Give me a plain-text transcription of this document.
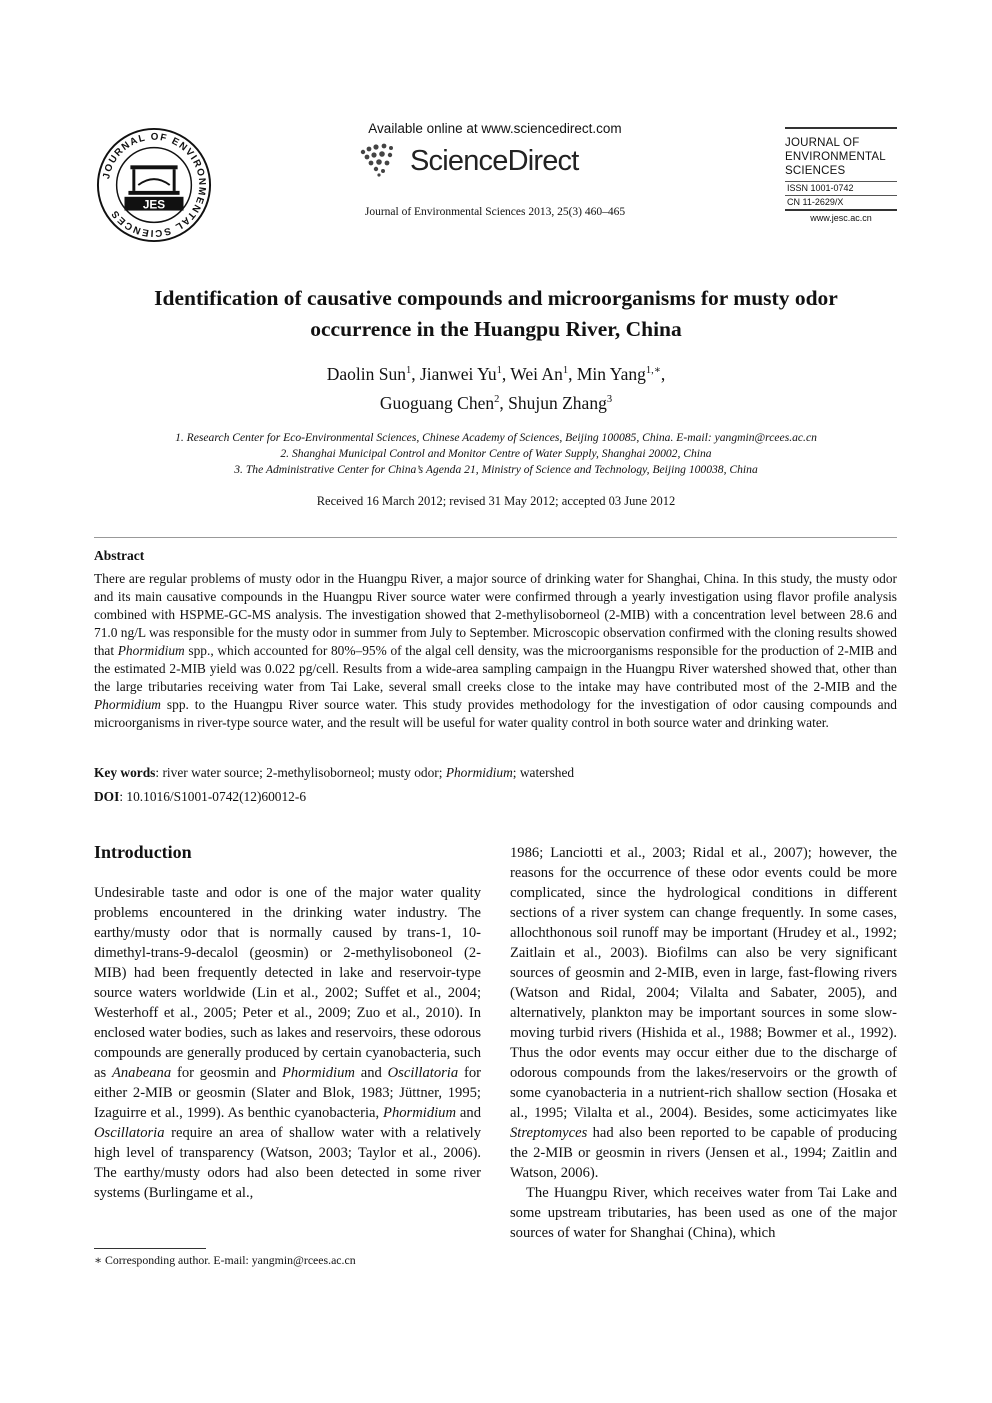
JOURNAL OF ENVIRONMENTAL SCIENCES
JES
Available online at www.sciencedirect.com
ScienceDirect
Journal of Environmental Sciences 2013, 25(3) 460–465
JOURNAL OF
ENVIRONMENTAL
SCIENCES
ISSN 1001-0742
CN 11-2629/X
www.jesc.ac.cn
Identification of causative compounds and microorganisms for musty odor
occurrence in the Huangpu River, China
Daolin Sun$^1$, Jianwei Yu$^1$, Wei An$^1$, Min Yang$^{1,∗}$,
Guoguang Chen$^2$, Shujun Zhang$^3$
1. Research Center for Eco-Environmental Sciences, Chinese Academy of Sciences, Beijing 100085, China. E-mail: yangmin@rcees.ac.cn
2. Shanghai Municipal Control and Monitor Centre of Water Supply, Shanghai 20002, China
3. The Administrative Center for China’s Agenda 21, Ministry of Science and Technology, Beijing 100038, China
Received 16 March 2012; revised 31 May 2012; accepted 03 June 2012
Abstract
There are regular problems of musty odor in the Huangpu River, a major source of drinking water for Shanghai, China. In this study, the musty odor and its main causative compounds in the Huangpu River source water were confirmed through a yearly investigation using flavor profile analysis combined with HSPME-GC-MS analysis. The investigation showed that 2-methylisoborneol (2-MIB) with a concentration level between 28.6 and 71.0 ng/L was responsible for the musty odor in summer from July to September. Microscopic observation confirmed with the cloning results showed that Phormidium spp., which accounted for 80%–95% of the algal cell density, was the microorganisms responsible for the production of 2-MIB and the estimated 2-MIB yield was 0.022 pg/cell. Results from a wide-area sampling campaign in the Huangpu River watershed showed that, other than the large tributaries receiving water from Tai Lake, several small creeks close to the intake may have contributed most of the 2-MIB and the Phormidium spp. to the Huangpu River source water. This study provides methodology for the investigation of odor causing compounds and microorganisms in river-type source water, and the result will be useful for water quality control in both source water and drinking water.
Key words: river water source; 2-methylisoborneol; musty odor; Phormidium; watershed
DOI: 10.1016/S1001-0742(12)60012-6
Introduction

Undesirable taste and odor is one of the major water quality problems encountered in the drinking water industry. The earthy/musty odor that is normally caused by trans-1, 10-dimethyl-trans-9-decalol (geosmin) or 2-methylisoboneol (2-MIB) had been frequently detected in lake and reservoir-type source waters worldwide (Lin et al., 2002; Suffet et al., 2004; Westerhoff et al., 2005; Peter et al., 2009; Zuo et al., 2010). In enclosed water bodies, such as lakes and reservoirs, these odorous compounds are generally produced by certain cyanobacteria, such as Anabeana for geosmin and Phormidium and Oscillatoria for either 2-MIB or geosmin (Slater and Blok, 1983; Jüttner, 1995; Izaguirre et al., 1999). As benthic cyanobacteria, Phormidium and Oscillatoria require an area of shallow water with a relatively high level of transparency (Watson, 2003; Taylor et al., 2006). The earthy/musty odors had also been detected in some river systems (Burlingame et al.,

1986; Lanciotti et al., 2003; Ridal et al., 2007); however, the reasons for the occurrence of these odor events could be more complicated, since the hydrological conditions in different sections of a river system can change frequently. In some cases, allochthonous soil runoff may be important (Hrudey et al., 1992; Zaitlain et al., 2003). Biofilms can also be very significant sources of geosmin and 2-MIB, even in large, fast-flowing rivers (Watson and Ridal, 2004; Vilalta and Sabater, 2005), and alternatively, plankton may be important sources in some slow-moving turbid rivers (Hishida et al., 1988; Bowmer et al., 1992). Thus the odor events may occur either due to the discharge of odorous compounds from the lakes/reservoirs or the growth of some cyanobacteria in a nutrient-rich shallow section (Hosaka et al., 1995; Vilalta et al., 2004). Besides, some acticimyates like Streptomyces had also been reported to be capable of producing the 2-MIB or geosmin in rivers (Jensen et al., 1994; Zaitlin and Watson, 2006).

The Huangpu River, which receives water from Tai Lake and some upstream tributaries, has been used as one of the major sources of water for Shanghai (China), which

∗ Corresponding author. E-mail: yangmin@rcees.ac.cn
